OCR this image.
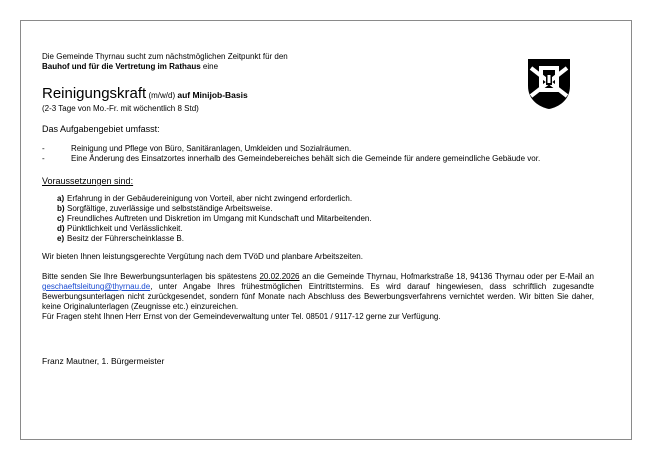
Die Gemeinde Thyrnau sucht zum nächstmöglichen Zeitpunkt für den
Bauhof und für die Vertretung im Rathaus eine
Reinigungskraft (m/w/d) auf Minijob-Basis
(2-3 Tage von Mo.-Fr. mit wöchentlich 8 Std)
Das Aufgabengebiet umfasst:
-	Reinigung und Pflege von Büro, Sanitäranlagen, Umkleiden und Sozialräumen.
-	Eine Änderung des Einsatzortes innerhalb des Gemeindebereiches behält sich die Gemeinde für andere gemeindliche Gebäude vor.
Voraussetzungen sind:
a) Erfahrung in der Gebäudereinigung von Vorteil, aber nicht zwingend erforderlich.
b) Sorgfältige, zuverlässige und selbstständige Arbeitsweise.
c) Freundliches Auftreten und Diskretion im Umgang mit Kundschaft und Mitarbeitenden.
d) Pünktlichkeit und Verlässlichkeit.
e) Besitz der Führerscheinklasse B.
Wir bieten Ihnen leistungsgerechte Vergütung nach dem TVöD und planbare Arbeitszeiten.
Bitte senden Sie Ihre Bewerbungsunterlagen bis spätestens 20.02.2026 an die Gemeinde Thyrnau, Hofmarkstraße 18, 94136 Thyrnau oder per E-Mail an geschaeftsleitung@thyrnau.de, unter Angabe Ihres frühestmöglichen Eintrittstermins. Es wird darauf hingewiesen, dass schriftlich zugesandte Bewerbungsunterlagen nicht zurückgesendet, sondern fünf Monate nach Abschluss des Bewerbungsverfahrens vernichtet werden. Wir bitten Sie daher, keine Originalunterlagen (Zeugnisse etc.) einzureichen.
Für Fragen steht Ihnen Herr Ernst von der Gemeindeverwaltung unter Tel. 08501 / 9117-12 gerne zur Verfügung.
Franz Mautner, 1. Bürgermeister
